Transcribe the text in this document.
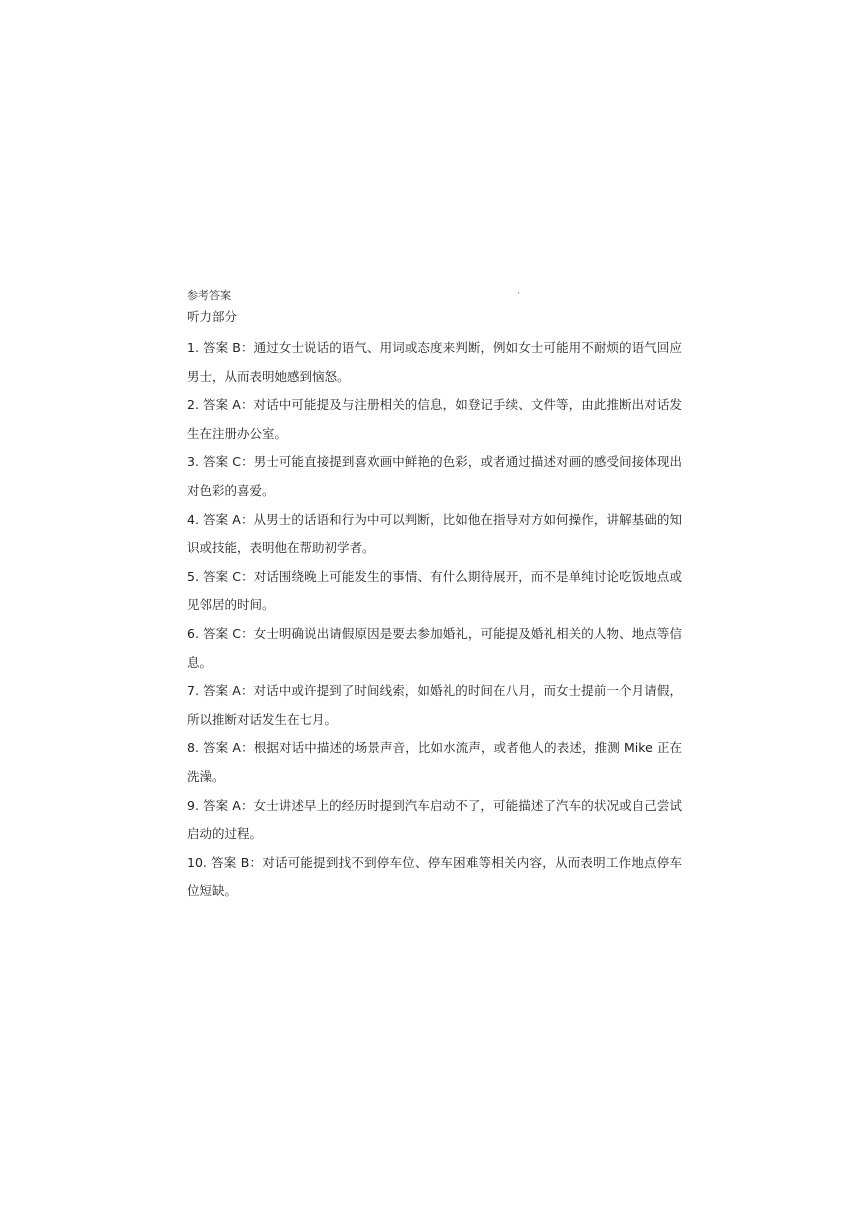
参考答案	·
听力部分
1. 答案 B：通过女士说话的语气、用词或态度来判断，例如女士可能用不耐烦的语气回应男士，从而表明她感到恼怒。
2. 答案 A：对话中可能提及与注册相关的信息，如登记手续、文件等，由此推断出对话发生在注册办公室。
3. 答案 C：男士可能直接提到喜欢画中鲜艳的色彩，或者通过描述对画的感受间接体现出对色彩的喜爱。
4. 答案 A：从男士的话语和行为中可以判断，比如他在指导对方如何操作，讲解基础的知识或技能，表明他在帮助初学者。
5. 答案 C：对话围绕晚上可能发生的事情、有什么期待展开，而不是单纯讨论吃饭地点或见邻居的时间。
6. 答案 C：女士明确说出请假原因是要去参加婚礼，可能提及婚礼相关的人物、地点等信息。
7. 答案 A：对话中或许提到了时间线索，如婚礼的时间在八月，而女士提前一个月请假，所以推断对话发生在七月。
8. 答案 A：根据对话中描述的场景声音，比如水流声，或者他人的表述，推测 Mike 正在洗澡。
9. 答案 A：女士讲述早上的经历时提到汽车启动不了，可能描述了汽车的状况或自己尝试启动的过程。
10. 答案 B：对话可能提到找不到停车位、停车困难等相关内容，从而表明工作地点停车位短缺。
